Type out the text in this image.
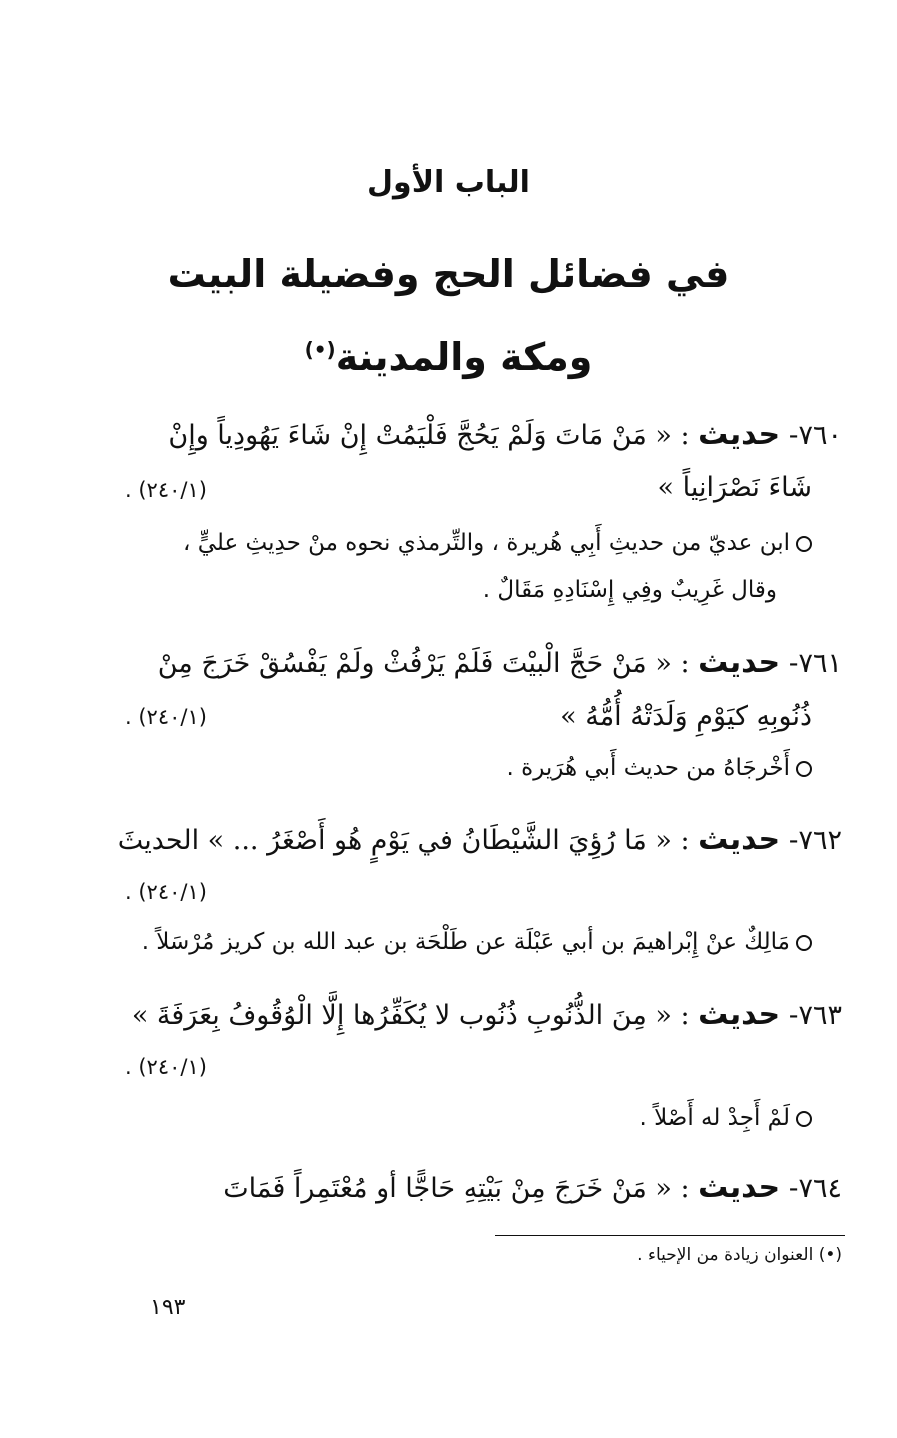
الباب الأول
في فضائل الحج وفضيلة البيت
ومكة والمدينة(•)
٧٦٠- حديث : « مَنْ مَاتَ وَلَمْ يَحُجَّ فَلْيَمُتْ إِنْ شَاءَ يَهُودِياً وإِنْ
شَاءَ نَصْرَانِياً »
(٢٤٠/١) .
ابن عديّ من حديثِ أَبِي هُريرة ، والتِّرمذي نحوه منْ حدِيثِ عليٍّ ،
وقال غَرِيبٌ وفِي إِسْنَادِهِ مَقَالٌ .
٧٦١- حديث : « مَنْ حَجَّ الْبيْتَ فَلَمْ يَرْفُثْ ولَمْ يَفْسُقْ خَرَجَ مِنْ
ذُنُوبِهِ كيَوْمِ وَلَدَتْهُ أُمُّهُ »
(٢٤٠/١) .
أَخْرجَاهُ من حديث أَبي هُرَيرة .
٧٦٢- حديث : « مَا رُؤِيَ الشَّيْطَانُ في يَوْمٍ هُو أَصْغَرُ ... » الحديثَ
(٢٤٠/١) .
مَالِكٌ عنْ إِبْراهيمَ بن أبي عَبْلَة عن طَلْحَة بن عبد الله بن كريز مُرْسَلاً .
٧٦٣- حديث : « مِنَ الذُّنُوبِ ذُنُوب لا يُكَفِّرُها إِلَّا الْوُقُوفُ بِعَرَفَةَ »
(٢٤٠/١) .
لَمْ أَجِدْ له أَصْلاً .
٧٦٤- حديث : « مَنْ خَرَجَ مِنْ بَيْتِهِ حَاجًّا أو مُعْتَمِراً فَمَاتَ
(•) العنوان زيادة من الإحياء .
١٩٣
